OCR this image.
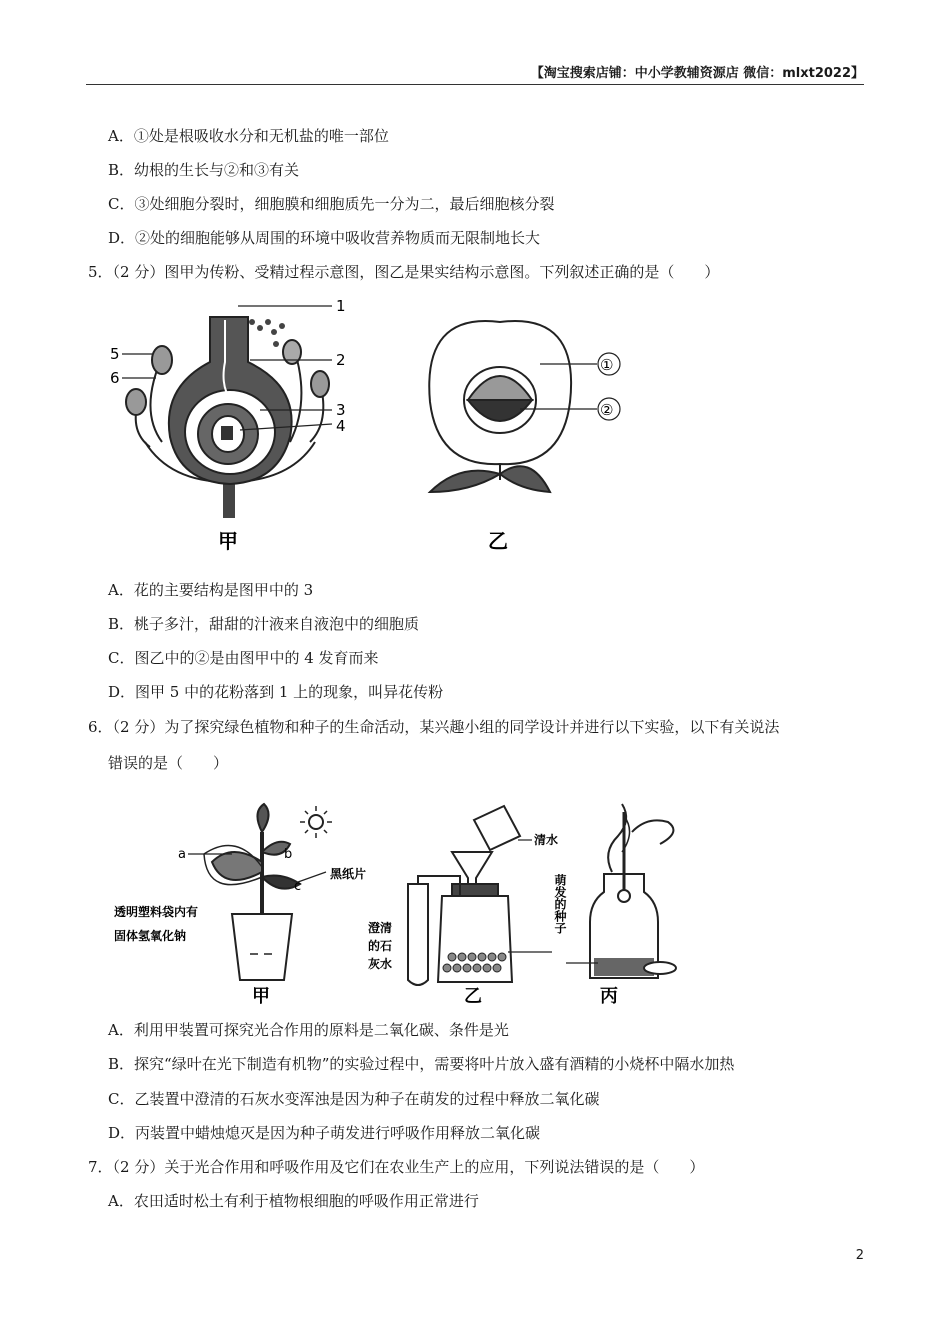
【淘宝搜索店铺：中小学教辅资源店 微信：mlxt2022】
A．①处是根吸收水分和无机盐的唯一部位
B．幼根的生长与②和③有关
C．③处细胞分裂时，细胞膜和细胞质先一分为二，最后细胞核分裂
D．②处的细胞能够从周围的环境中吸收营养物质而无限制地长大
5．（2 分）图甲为传粉、受精过程示意图，图乙是果实结构示意图。下列叙述正确的是（　　）
1
2
3
4
5
6
甲
①
②
乙
A．花的主要结构是图甲中的 3
B．桃子多汁，甜甜的汁液来自液泡中的细胞质
C．图乙中的②是由图甲中的 4 发育而来
D．图甲 5 中的花粉落到 1 上的现象，叫异花传粉
6．（2 分）为了探究绿色植物和种子的生命活动，某兴趣小组的同学设计并进行以下实验，以下有关说法
错误的是（　　）
a	b
c
黑纸片
透明塑料袋内有
固体氢氧化钠
甲
清水
澄清
的石
灰水
乙
萌发的种子
丙
A．利用甲装置可探究光合作用的原料是二氧化碳、条件是光
B．探究“绿叶在光下制造有机物”的实验过程中，需要将叶片放入盛有酒精的小烧杯中隔水加热
C．乙装置中澄清的石灰水变浑浊是因为种子在萌发的过程中释放二氧化碳
D．丙装置中蜡烛熄灭是因为种子萌发进行呼吸作用释放二氧化碳
7．（2 分）关于光合作用和呼吸作用及它们在农业生产上的应用，下列说法错误的是（　　）
A．农田适时松土有利于植物根细胞的呼吸作用正常进行
2
